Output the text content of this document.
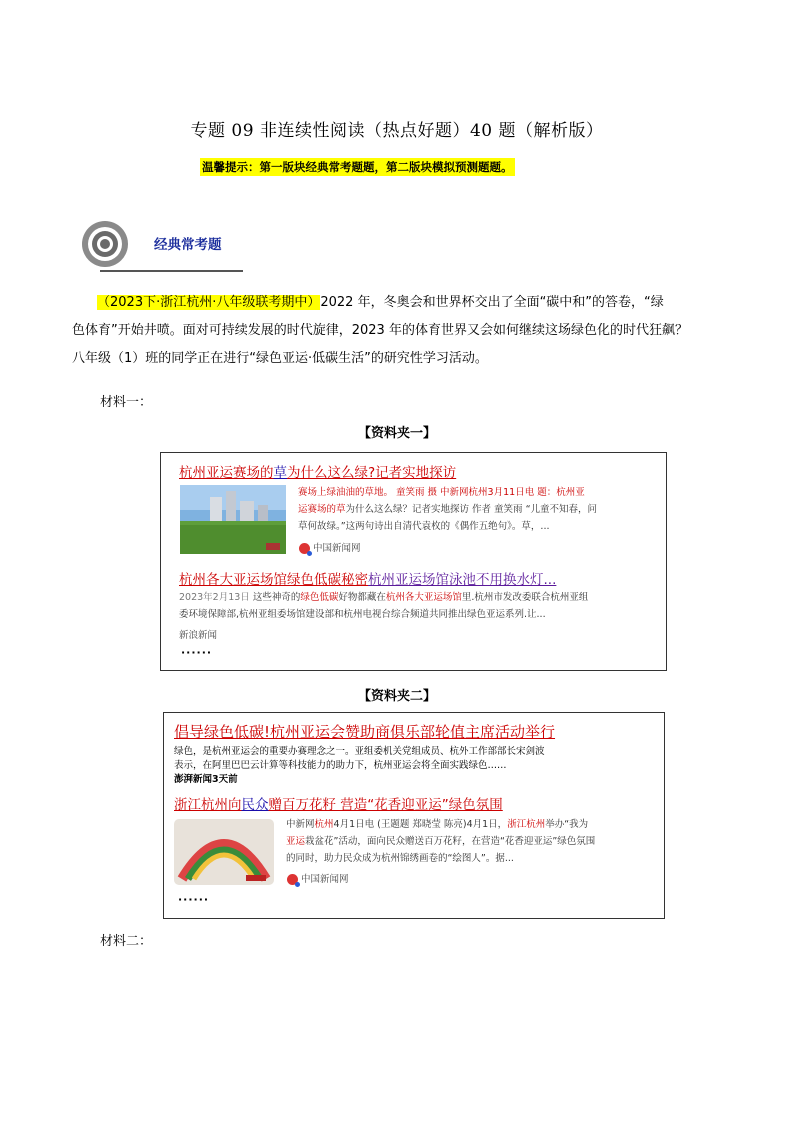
专题 09 非连续性阅读（热点好题）40 题（解析版）
温馨提示：第一版块经典常考题题，第二版块模拟预测题题。
经典常考题
（2023下·浙江杭州·八年级联考期中）2022 年，冬奥会和世界杯交出了全面“碳中和”的答卷，“绿
色体育”开始井喷。面对可持续发展的时代旋律，2023 年的体育世界又会如何继续这场绿色化的时代狂飙？
八年级（1）班的同学正在进行“绿色亚运·低碳生活”的研究性学习活动。
材料一：
【资料夹一】
杭州亚运赛场的草为什么这么绿?记者实地探访
赛场上绿油油的草地。 童笑雨 摄 中新网杭州3月11日电 题：杭州亚
运赛场的草为什么这么绿？记者实地探访 作者 童笑雨 “儿童不知春，问
草何故绿。”这两句诗出自清代袁枚的《偶作五绝句》。草，...
中国新闻网
杭州各大亚运场馆绿色低碳秘密杭州亚运场馆泳池不用换水灯...
2023年2月13日 这些神奇的绿色低碳好物都藏在杭州各大亚运场馆里.杭州市发改委联合杭州亚组
委环境保障部,杭州亚组委场馆建设部和杭州电视台综合频道共同推出绿色亚运系列.让...
新浪新闻
······
【资料夹二】
倡导绿色低碳!杭州亚运会赞助商俱乐部轮值主席活动举行
绿色，是杭州亚运会的重要办赛理念之一。亚组委机关党组成员、杭外工作部部长宋剑波
表示，在阿里巴巴云计算等科技能力的助力下，杭州亚运会将全面实践绿色……
澎湃新闻3天前
浙江杭州向民众赠百万花籽 营造“花香迎亚运”绿色氛围
中新网杭州4月1日电 (王题题 郑晓莹 陈亮)4月1日，浙江杭州举办“我为
亚运栽盆花”活动，面向民众赠送百万花籽，在营造“花香迎亚运”绿色氛围
的同时，助力民众成为杭州锦绣画卷的“绘图人”。据...
中国新闻网
······
材料二：
